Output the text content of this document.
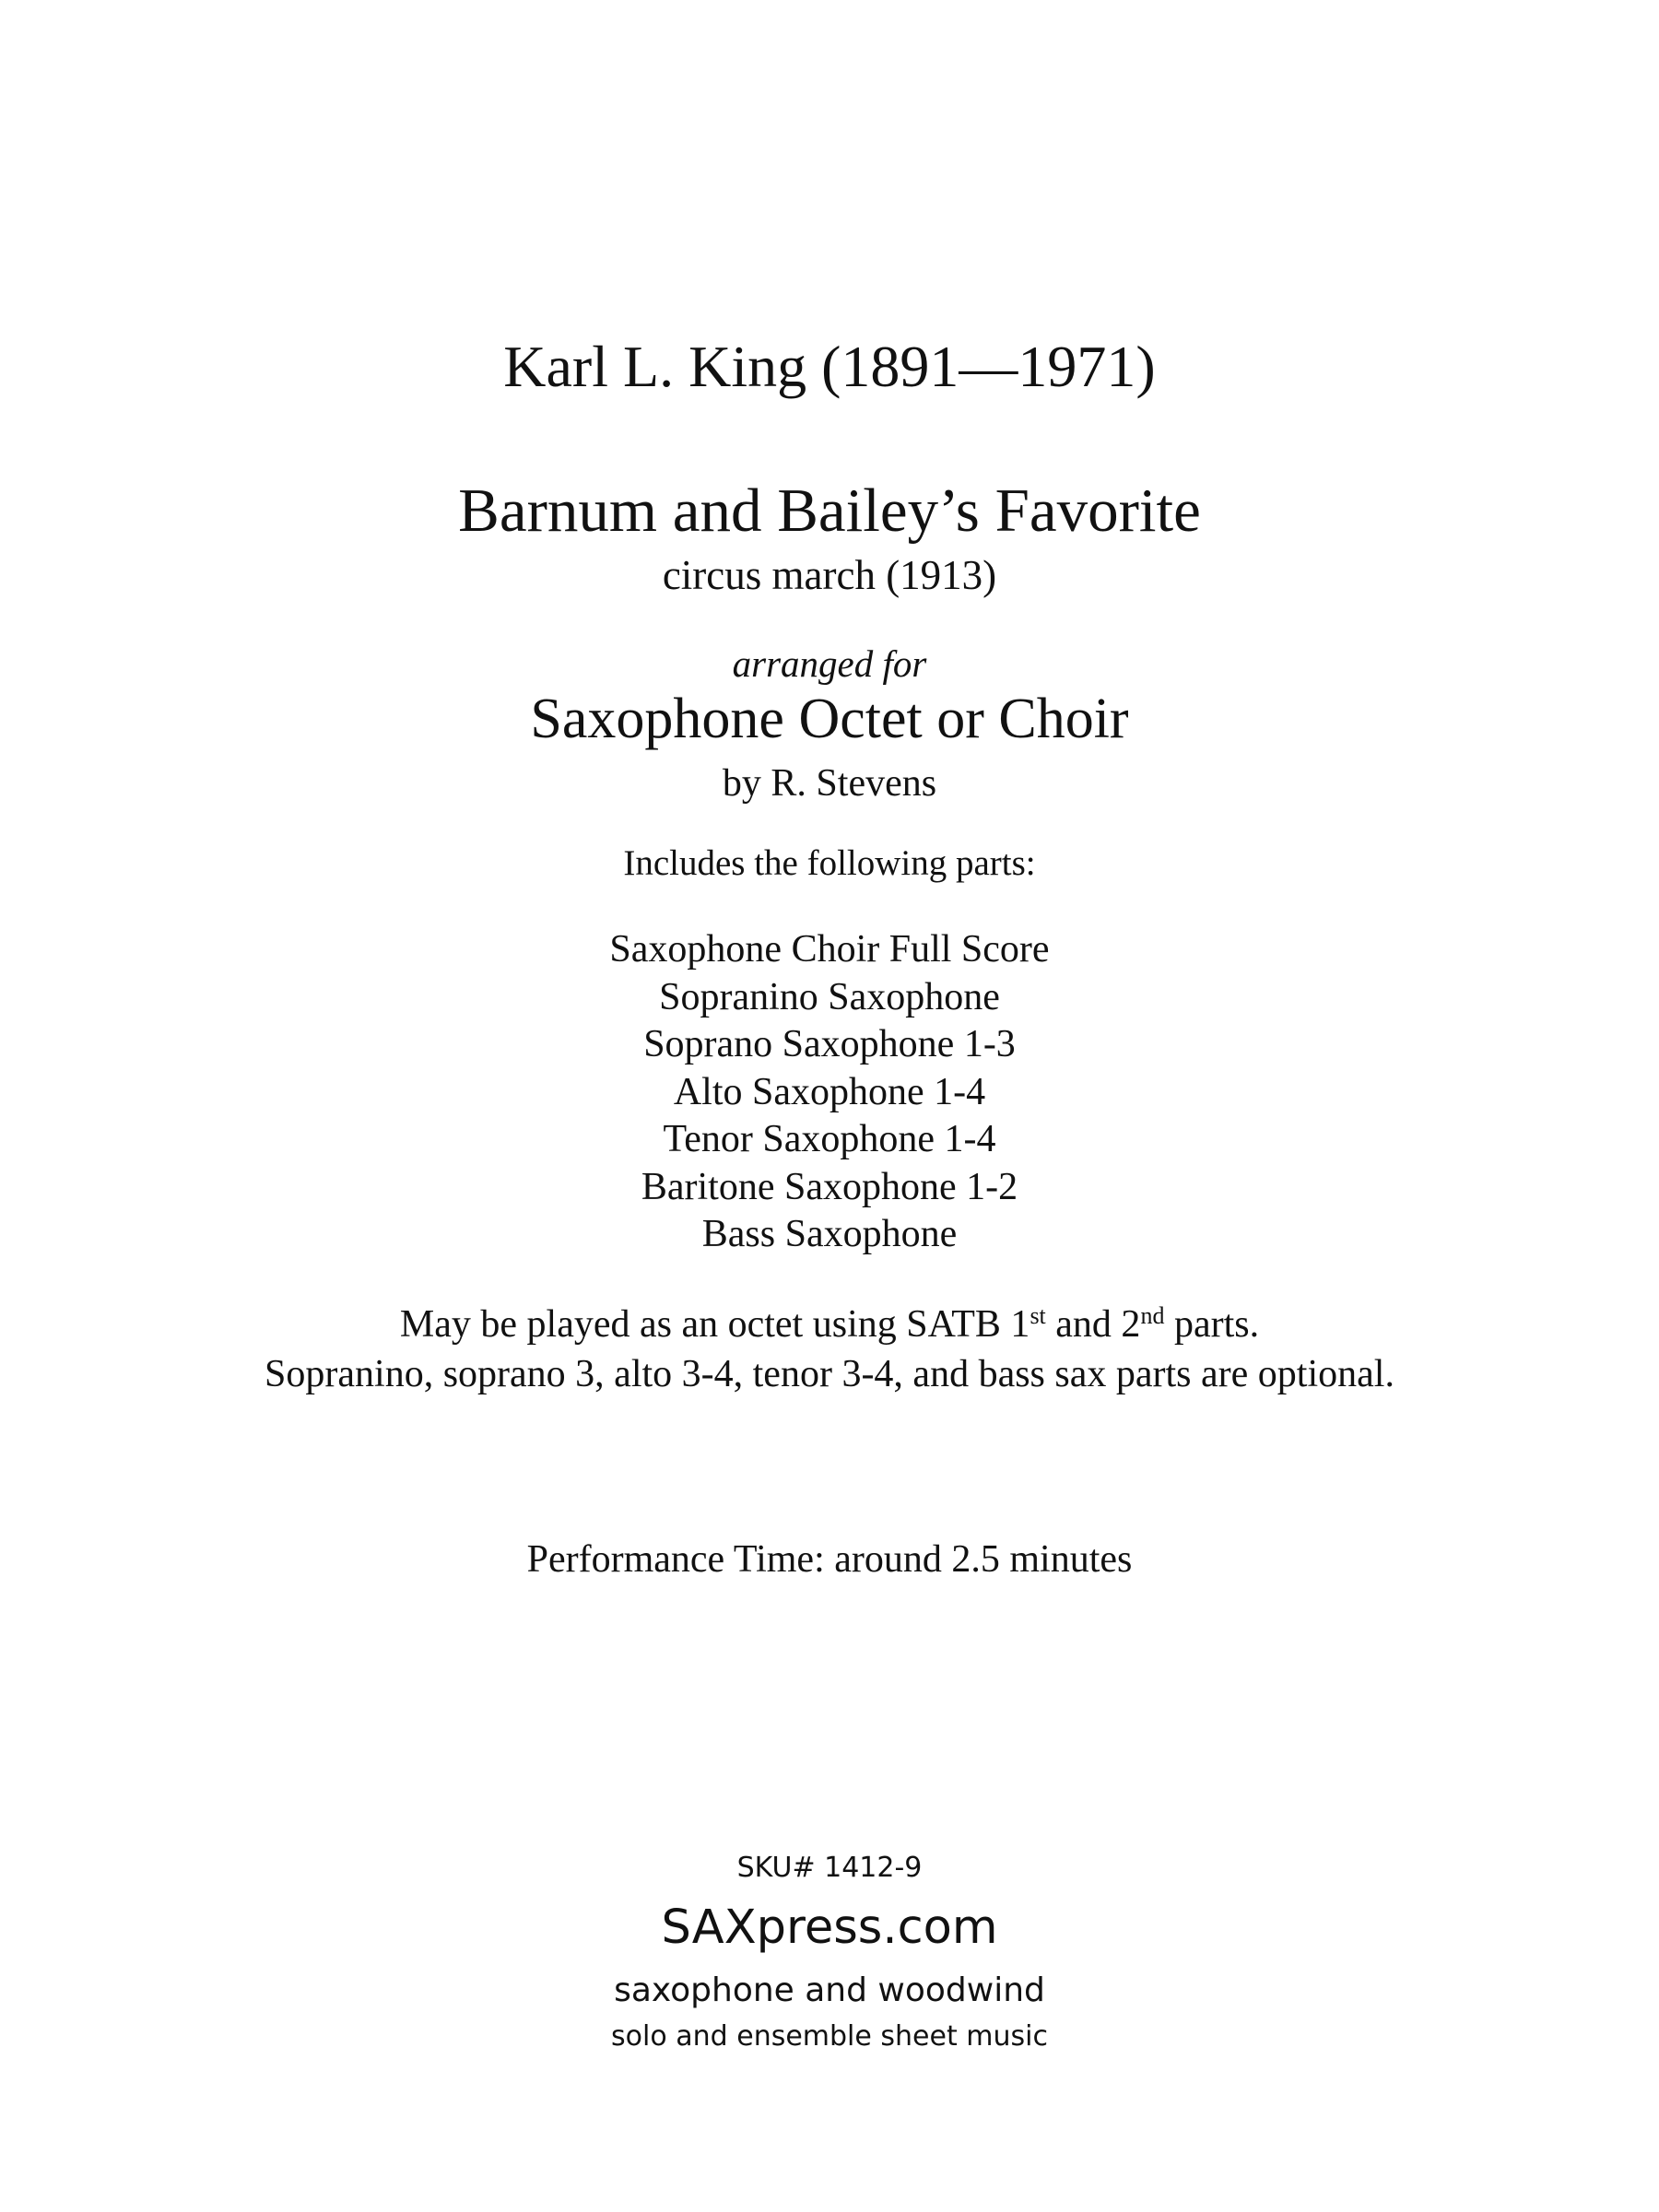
Karl L. King (1891—1971)

Barnum and Bailey’s Favorite

circus march (1913)

arranged for

Saxophone Octet or Choir

by R. Stevens

Includes the following parts:

Saxophone Choir Full Score
Sopranino Saxophone
Soprano Saxophone 1-3
Alto Saxophone 1-4
Tenor Saxophone 1-4
Baritone Saxophone 1-2
Bass Saxophone

May be played as an octet using SATB 1st and 2nd parts.

Sopranino, soprano 3, alto 3-4, tenor 3-4, and bass sax parts are optional.

Performance Time: around 2.5 minutes

SKU# 1412-9

SAXpress.com

saxophone and woodwind

solo and ensemble sheet music
